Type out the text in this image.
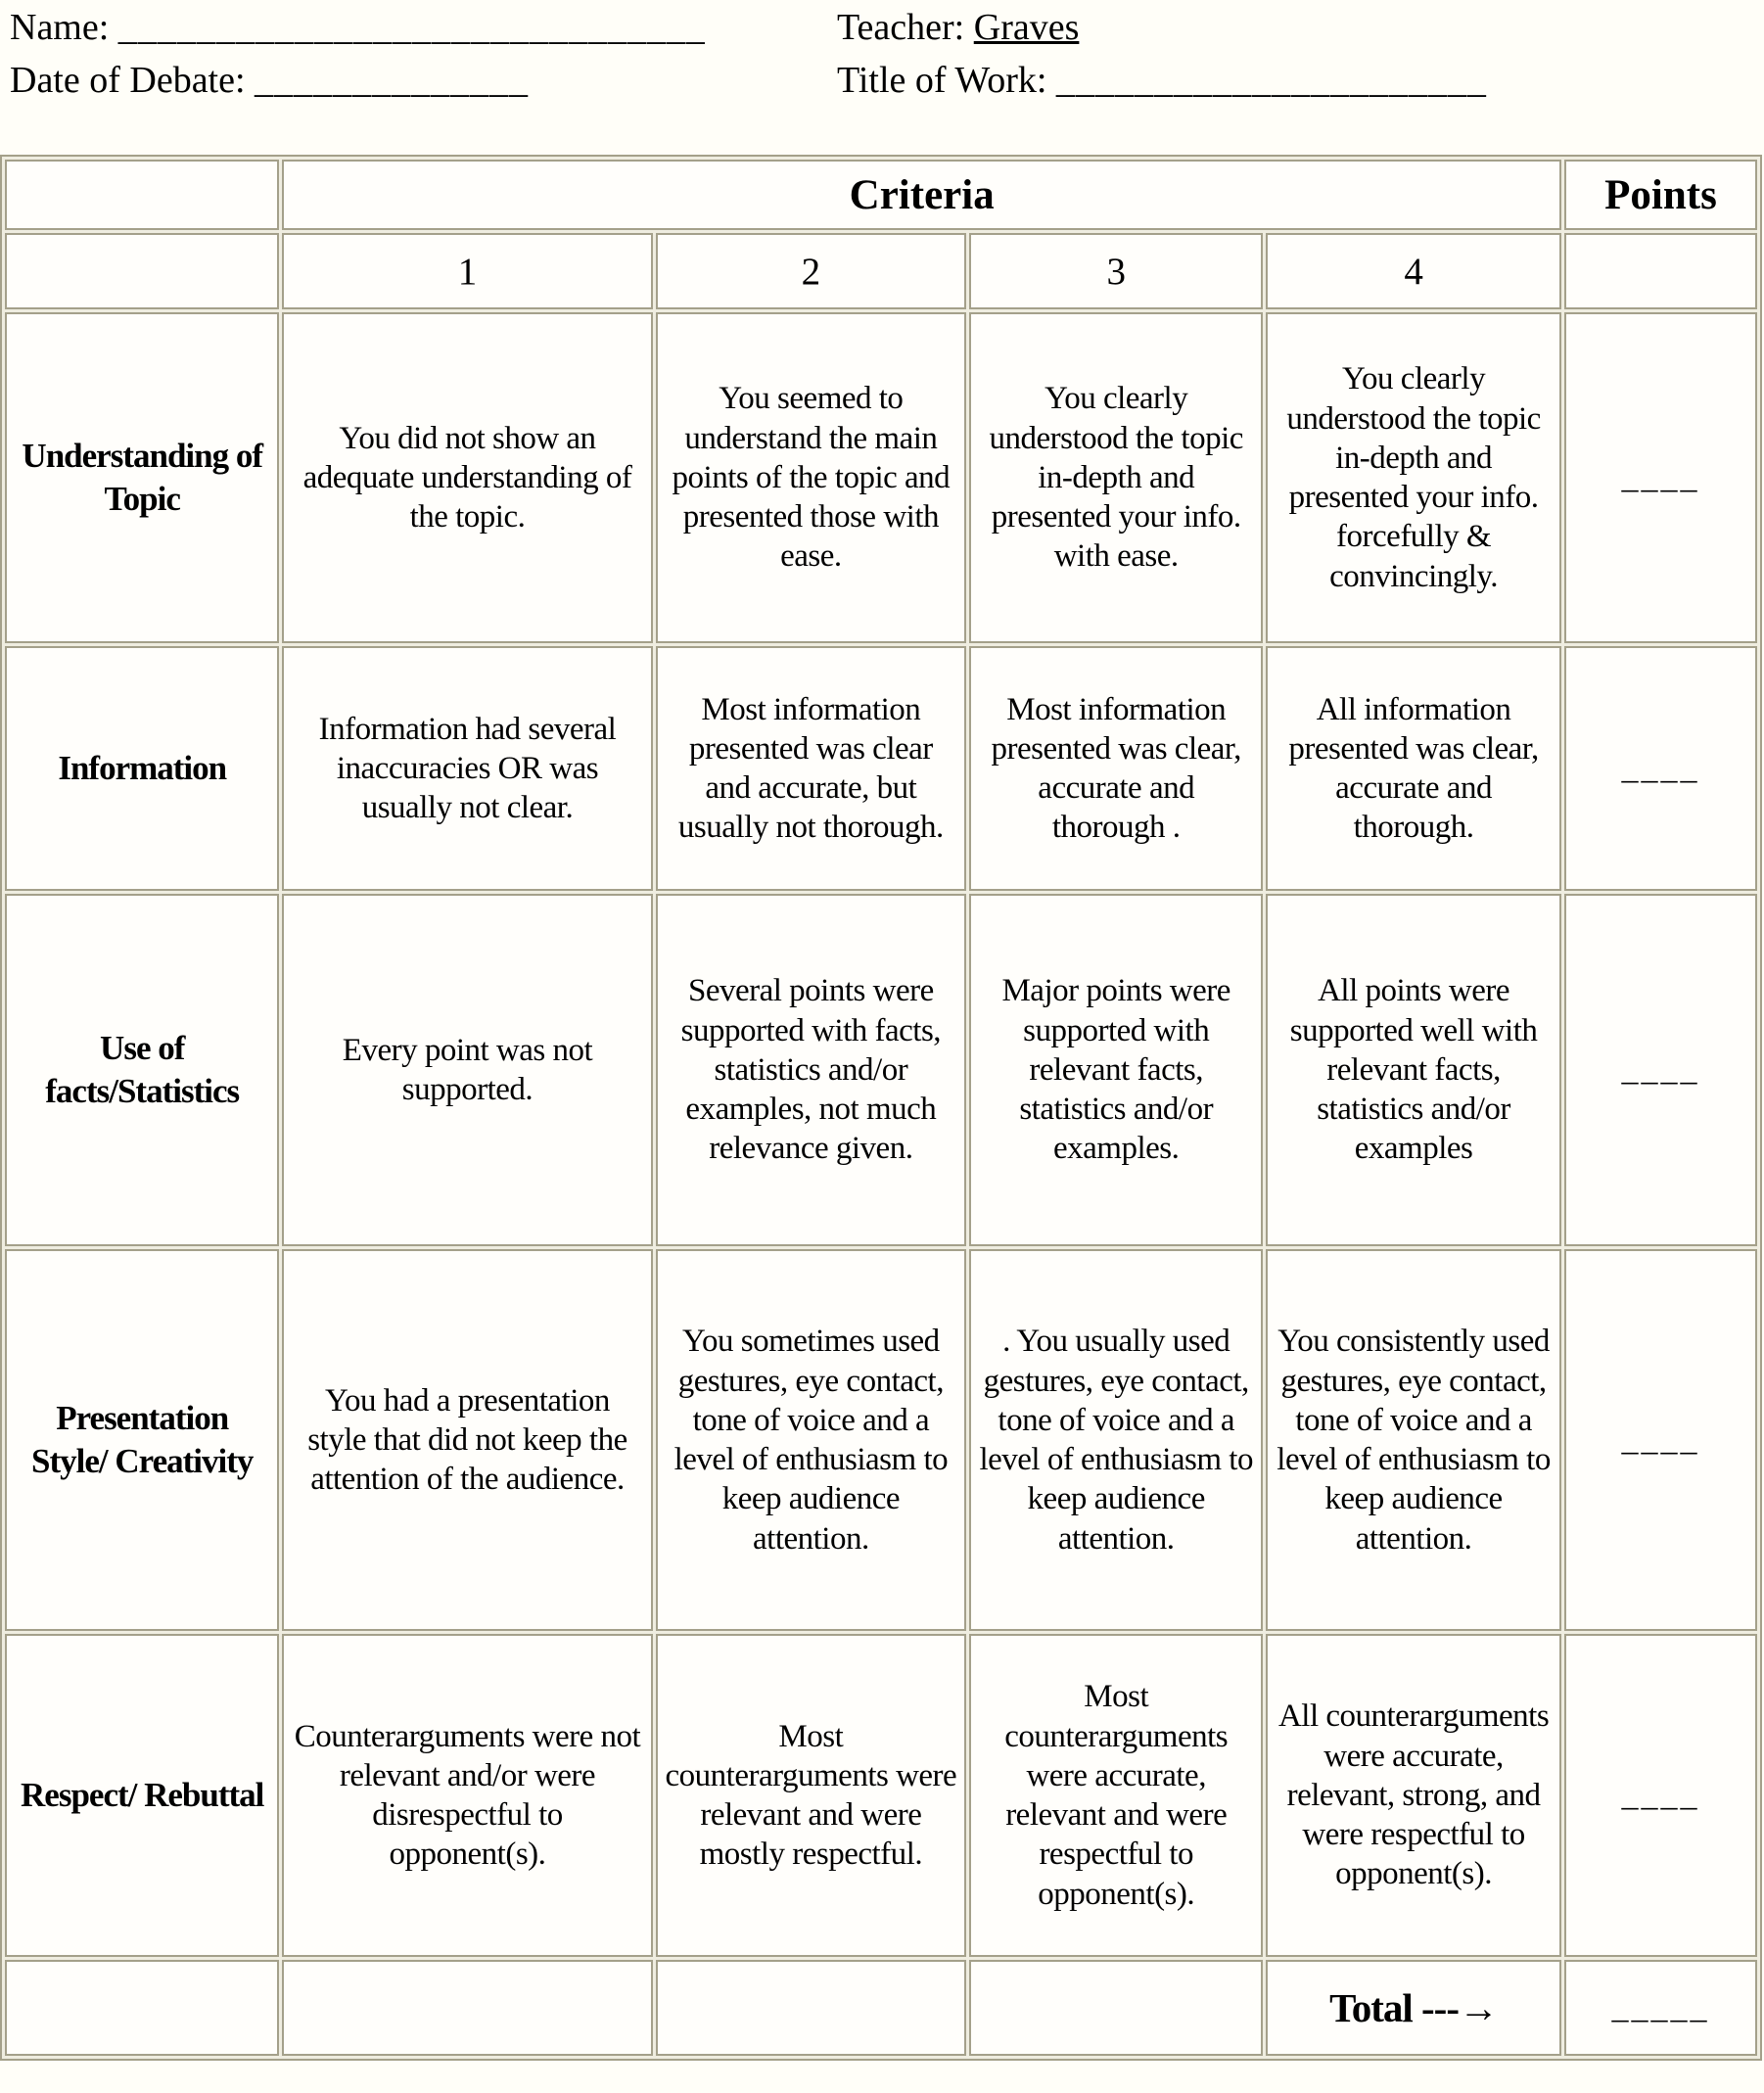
Name: ______________________________	Teacher: Graves
Date of Debate: ______________	Title of Work: ______________________
	Criteria				Points
	1	2	3	4	
Understanding of Topic	You did not show an adequate understanding of the topic.	You seemed to understand the main points of the topic and presented those with ease.	You clearly understood the topic in-depth and presented your info. with ease.	You clearly understood the topic in-depth and presented your info. forcefully & convincingly.	____
Information	Information had several inaccuracies OR was usually not clear.	Most information presented was clear and accurate, but usually not thorough.	Most information presented was clear, accurate and thorough .	All information presented was clear, accurate and thorough.	____
Use of facts/Statistics	Every point was not supported.	Several points were supported with facts, statistics and/or examples, not much relevance given.	Major points were supported with relevant facts, statistics and/or examples.	All points were supported well with relevant facts, statistics and/or examples	____
Presentation Style/ Creativity	You had a presentation style that did not keep the attention of the audience.	You sometimes used gestures, eye contact, tone of voice and a level of enthusiasm to keep audience attention.	. You usually used gestures, eye contact, tone of voice and a level of enthusiasm to keep audience attention.	You consistently used gestures, eye contact, tone of voice and a level of enthusiasm to keep audience attention.	____
Respect/ Rebuttal	Counterarguments were not relevant and/or were disrespectful to opponent(s).	Most counterarguments were relevant and were mostly respectful.	Most counterarguments were accurate, relevant and were respectful to opponent(s).	All counterarguments were accurate, relevant, strong, and were respectful to opponent(s).	____
				Total ---→	_____
